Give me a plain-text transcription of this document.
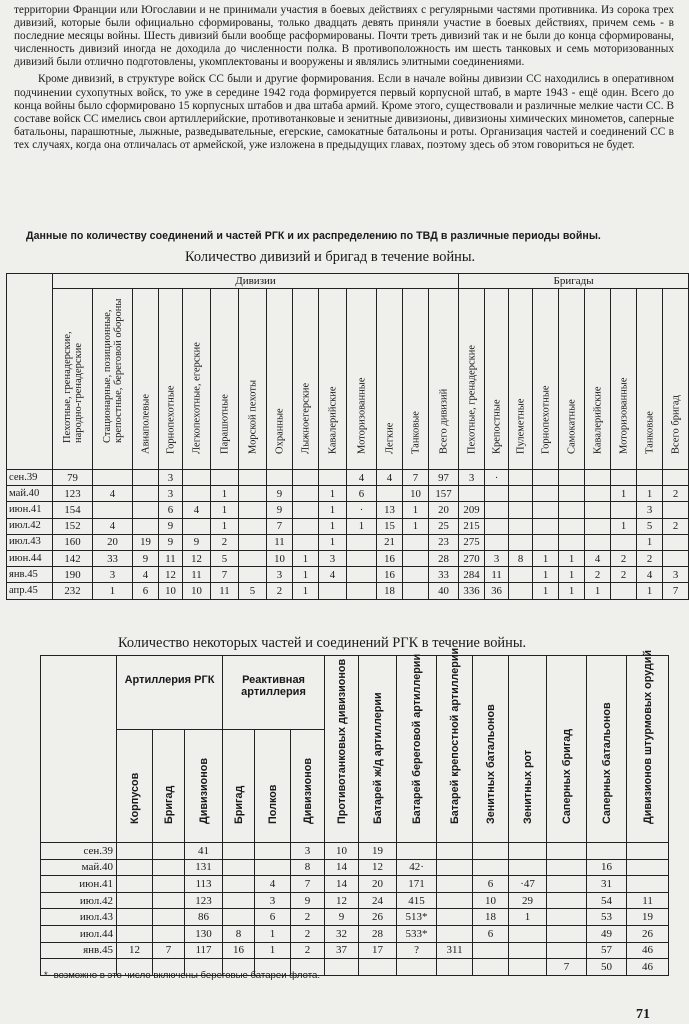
территории Франции или Югославии и не принимали участия в боевых действиях с регулярными частями противника. Из сорока трех дивизий, которые были официально сформированы, только двадцать девять приняли участие в боевых действиях, причем семь - в последние месяцы войны. Шесть дивизий были вообще расформированы. Почти треть дивизий так и не были до конца сформированы, численность дивизий иногда не доходила до численности полка. В противоположность им шесть танковых и семь моторизованных дивизий были отлично подготовлены, укомплектованы и вооружены и являлись элитными соединениями.

Кроме дивизий, в структуре войск СС были и другие формирования. Если в начале войны дивизии СС находились в оперативном подчинении сухопутных войск, то уже в середине 1942 года формируется первый корпусной штаб, в марте 1943 - ещё один. Всего до конца войны было сформировано 15 корпусных штабов и два штаба армий. Кроме этого, существовали и различные мелкие части СС. В составе войск СС имелись свои артиллерийские, противотанковые и зенитные дивизионы, дивизионы химических минометов, саперные батальоны, парашютные, лыжные, разведывательные, егерские, самокатные батальоны и роты. Организация частей и соединений СС в тех случаях, когда она отличалась от армейской, уже изложена в предыдущих главах, поэтому здесь об этом говориться не будет.

Данные по количеству соединений и частей РГК и их распределению по ТВД в различные периоды войны.
Количество дивизий и бригад в течение войны.
	Дивизии														Бригады								

	Пехотные, гренадерские,
народно-гренадерские	Стационарные, позиционные,
крепостные, береговой обороны	Авиаполевые	Горнопехотные	Легкопехотные, егерские	Парашютные	Морской пехоты	Охранные	Лыжноегерские	Кавалерийские	Моторизованные	Легкие	Танковые	Всего дивизий	Пехотные, гренадерские	Крепостные	Пулеметные	Горнопехотные	Самокатные	Кавалерийские	Моторизованные	Танковые	Всего бригад

сен.39	79			3							4	4	7	97	3	·							
май.40	123	4		3		1		9		1	6		10	157							1	1	2
июн.41	154			6	4	1		9		1	·	13	1	20	209							3	
июл.42	152	4		9		1		7		1	1	15	1	25	215						1	5	2
июл.43	160	20	19	9	9	2		11		1		21		23	275							1	
июн.44	142	33	9	11	12	5		10	1	3		16		28	270	3	8	1	1	4	2	2	
янв.45	190	3	4	12	11	7		3	1	4		16		33	284	11		1	1	2	2	4	3
апр.45	232	1	6	10	10	11	5	2	1			18		40	336	36		1	1	1		1	7
Количество некоторых частей и соединений РГК в течение войны.
	Артиллерия РГК			Реактивная
артиллерия			Противотанковых дивизионов	Батарей ж/д артиллерии	Батарей береговой артиллерии	Батарей крепостной артиллерии	Зенитных батальонов	Зенитных рот	Саперных бригад	Саперных батальонов	Дивизионов штурмовых орудий

	Корпусов	Бригад	Дивизионов	Бригад	Полков	Дивизионов									

сен.39			41			3	10	19							
май.40			131			8	14	12	42·					16	
июн.41			113		4	7	14	20	171		6	·47		31	
июл.42			123		3	9	12	24	415		10	29		54	11
июл.43			86		6	2	9	26	513*		18	1		53	19
июл.44			130	8	1	2	32	28	533*		6			49	26
янв.45	12	7	117	16	1	2	37	17	?	311				57	46
													7	50	46
*- возможно в это число включены береговые батареи флота.
71
